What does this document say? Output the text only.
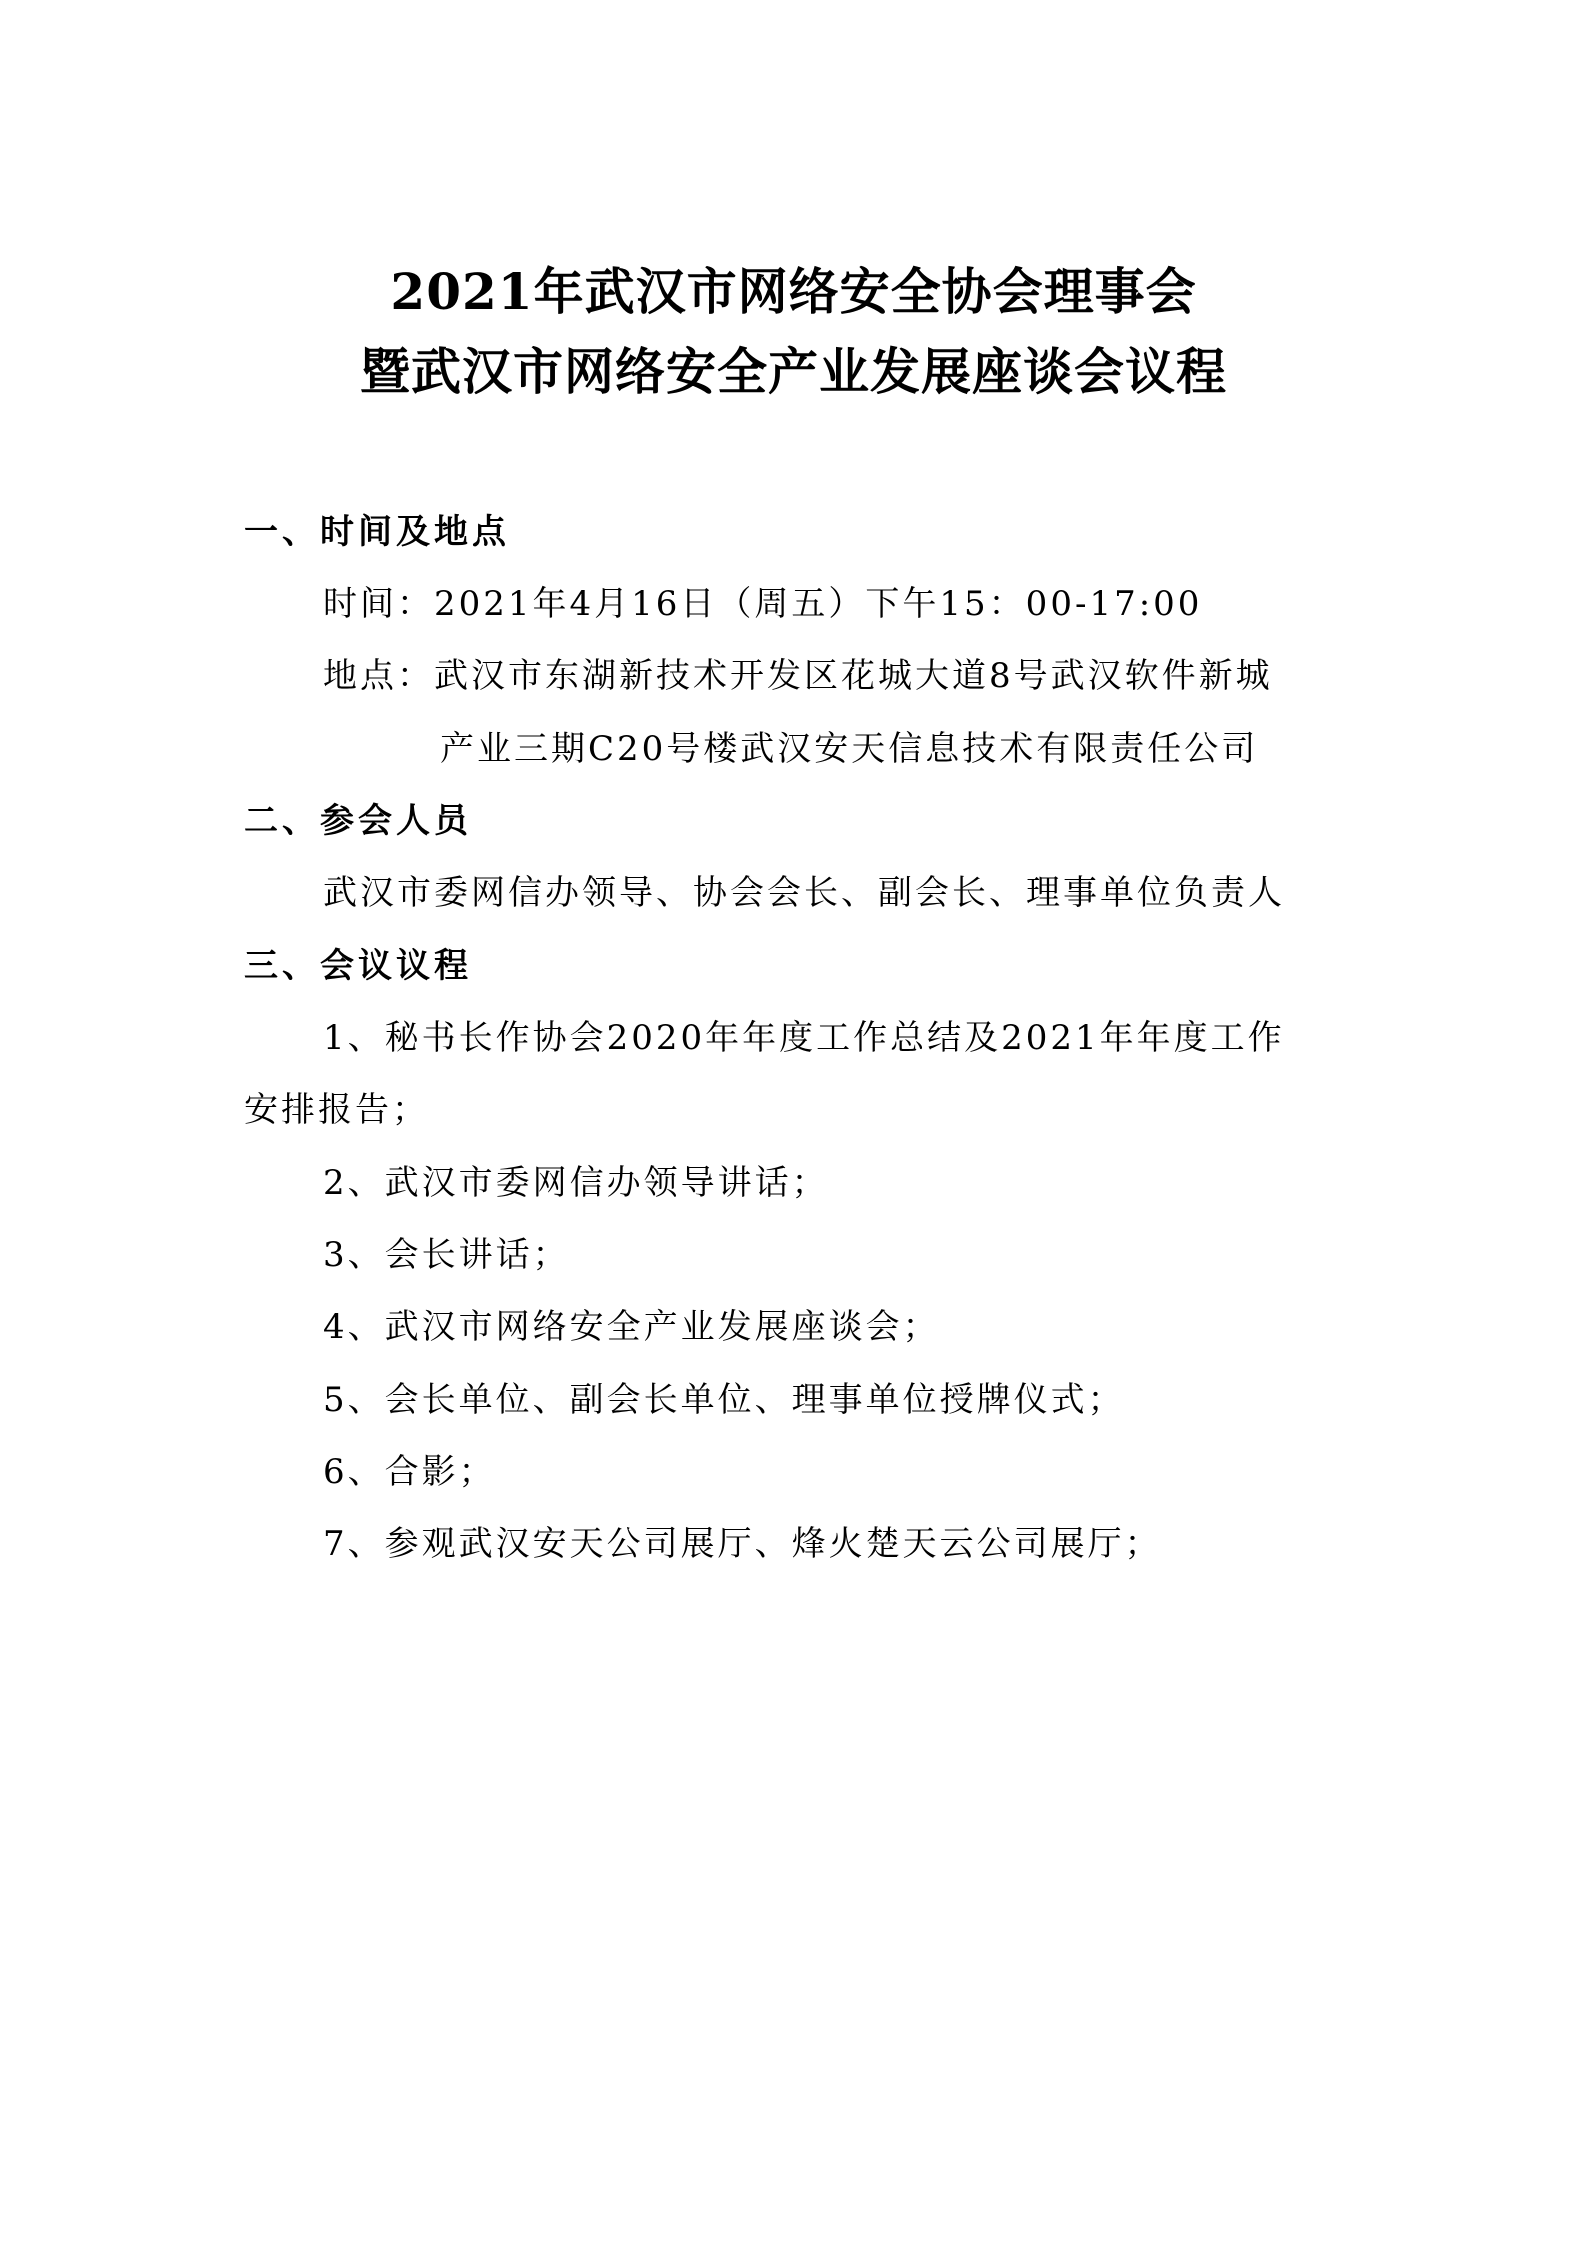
2021年武汉市网络安全协会理事会
暨武汉市网络安全产业发展座谈会议程
一、时间及地点
时间：2021年4月16日（周五）下午15：00-17:00
地点：武汉市东湖新技术开发区花城大道8号武汉软件新城
产业三期C20号楼武汉安天信息技术有限责任公司
二、参会人员
武汉市委网信办领导、协会会长、副会长、理事单位负责人
三、会议议程
1、秘书长作协会2020年年度工作总结及2021年年度工作
安排报告；
2、武汉市委网信办领导讲话；
3、会长讲话；
4、武汉市网络安全产业发展座谈会；
5、会长单位、副会长单位、理事单位授牌仪式；
6、合影；
7、参观武汉安天公司展厅、烽火楚天云公司展厅；
